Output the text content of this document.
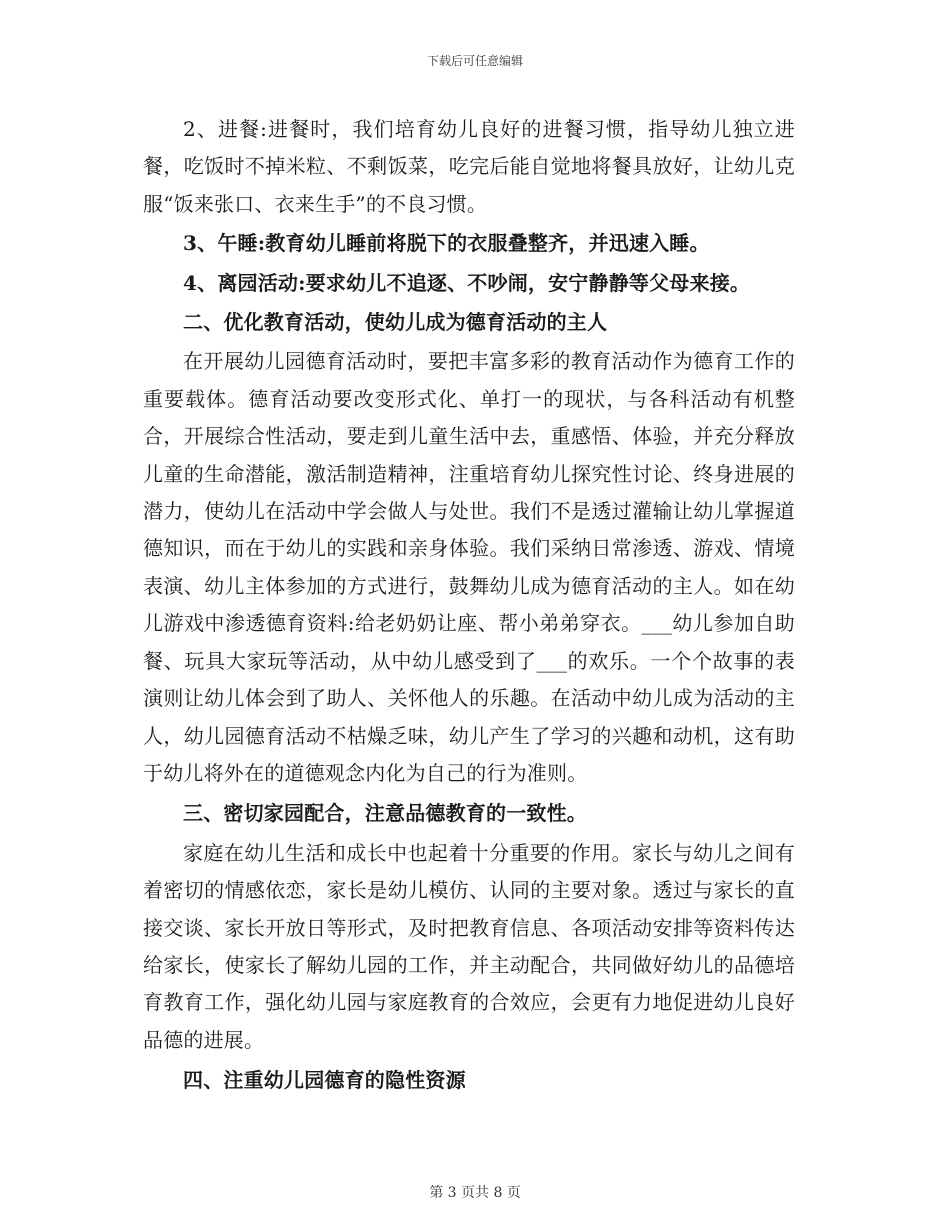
下载后可任意编辑

2、进餐:进餐时，我们培育幼儿良好的进餐习惯，指导幼儿独立进餐，吃饭时不掉米粒、不剩饭菜，吃完后能自觉地将餐具放好，让幼儿克服“饭来张口、衣来生手”的不良习惯。

3、午睡:教育幼儿睡前将脱下的衣服叠整齐，并迅速入睡。

4、离园活动:要求幼儿不追逐、不吵闹，安宁静静等父母来接。

二、优化教育活动，使幼儿成为德育活动的主人

在开展幼儿园德育活动时，要把丰富多彩的教育活动作为德育工作的重要载体。德育活动要改变形式化、单打一的现状，与各科活动有机整合，开展综合性活动，要走到儿童生活中去，重感悟、体验，并充分释放儿童的生命潜能，激活制造精神，注重培育幼儿探究性讨论、终身进展的潜力，使幼儿在活动中学会做人与处世。我们不是透过灌输让幼儿掌握道德知识，而在于幼儿的实践和亲身体验。我们采纳日常渗透、游戏、情境表演、幼儿主体参加的方式进行，鼓舞幼儿成为德育活动的主人。如在幼儿游戏中渗透德育资料:给老奶奶让座、帮小弟弟穿衣。___幼儿参加自助餐、玩具大家玩等活动，从中幼儿感受到了___的欢乐。一个个故事的表演则让幼儿体会到了助人、关怀他人的乐趣。在活动中幼儿成为活动的主人，幼儿园德育活动不枯燥乏味，幼儿产生了学习的兴趣和动机，这有助于幼儿将外在的道德观念内化为自己的行为准则。

三、密切家园配合，注意品德教育的一致性。

家庭在幼儿生活和成长中也起着十分重要的作用。家长与幼儿之间有着密切的情感依恋，家长是幼儿模仿、认同的主要对象。透过与家长的直接交谈、家长开放日等形式，及时把教育信息、各项活动安排等资料传达给家长，使家长了解幼儿园的工作，并主动配合，共同做好幼儿的品德培育教育工作，强化幼儿园与家庭教育的合效应，会更有力地促进幼儿良好品德的进展。

四、注重幼儿园德育的隐性资源

第 3 页共 8 页
